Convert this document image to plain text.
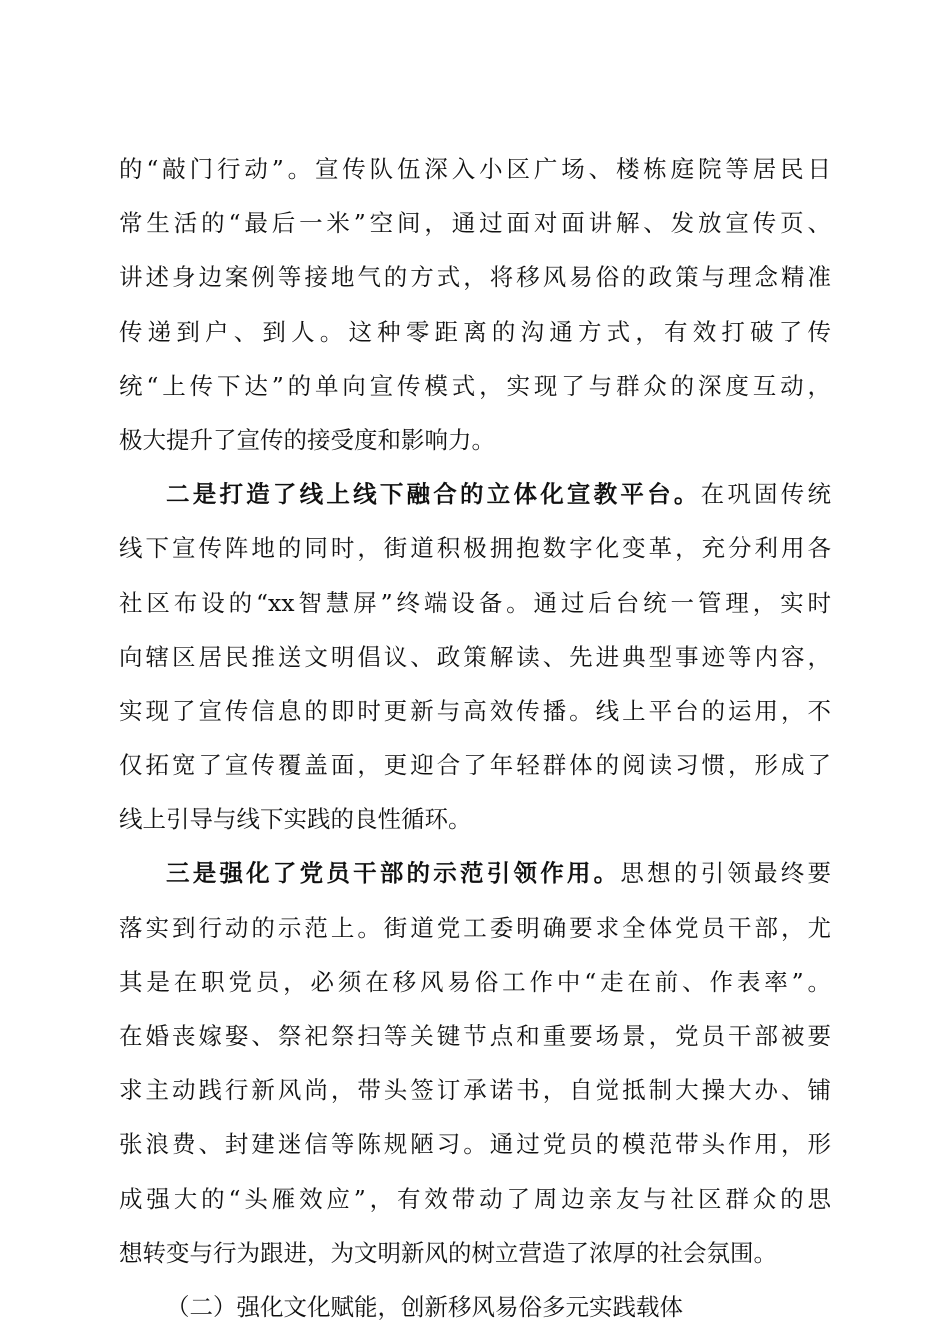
的“敲门行动”。宣传队伍深入小区广场、楼栋庭院等居民日
常生活的“最后一米”空间，通过面对面讲解、发放宣传页、
讲述身边案例等接地气的方式，将移风易俗的政策与理念精准
传递到户、到人。这种零距离的沟通方式，有效打破了传
统“上传下达”的单向宣传模式，实现了与群众的深度互动，
极大提升了宣传的接受度和影响力。
二是打造了线上线下融合的立体化宣教平台。在巩固传统
线下宣传阵地的同时，街道积极拥抱数字化变革，充分利用各
社区布设的“xx智慧屏”终端设备。通过后台统一管理，实时
向辖区居民推送文明倡议、政策解读、先进典型事迹等内容，
实现了宣传信息的即时更新与高效传播。线上平台的运用，不
仅拓宽了宣传覆盖面，更迎合了年轻群体的阅读习惯，形成了
线上引导与线下实践的良性循环。
三是强化了党员干部的示范引领作用。思想的引领最终要
落实到行动的示范上。街道党工委明确要求全体党员干部，尤
其是在职党员，必须在移风易俗工作中“走在前、作表率”。
在婚丧嫁娶、祭祀祭扫等关键节点和重要场景，党员干部被要
求主动践行新风尚，带头签订承诺书，自觉抵制大操大办、铺
张浪费、封建迷信等陈规陋习。通过党员的模范带头作用，形
成强大的“头雁效应”，有效带动了周边亲友与社区群众的思
想转变与行为跟进，为文明新风的树立营造了浓厚的社会氛围。
（二）强化文化赋能，创新移风易俗多元实践载体
